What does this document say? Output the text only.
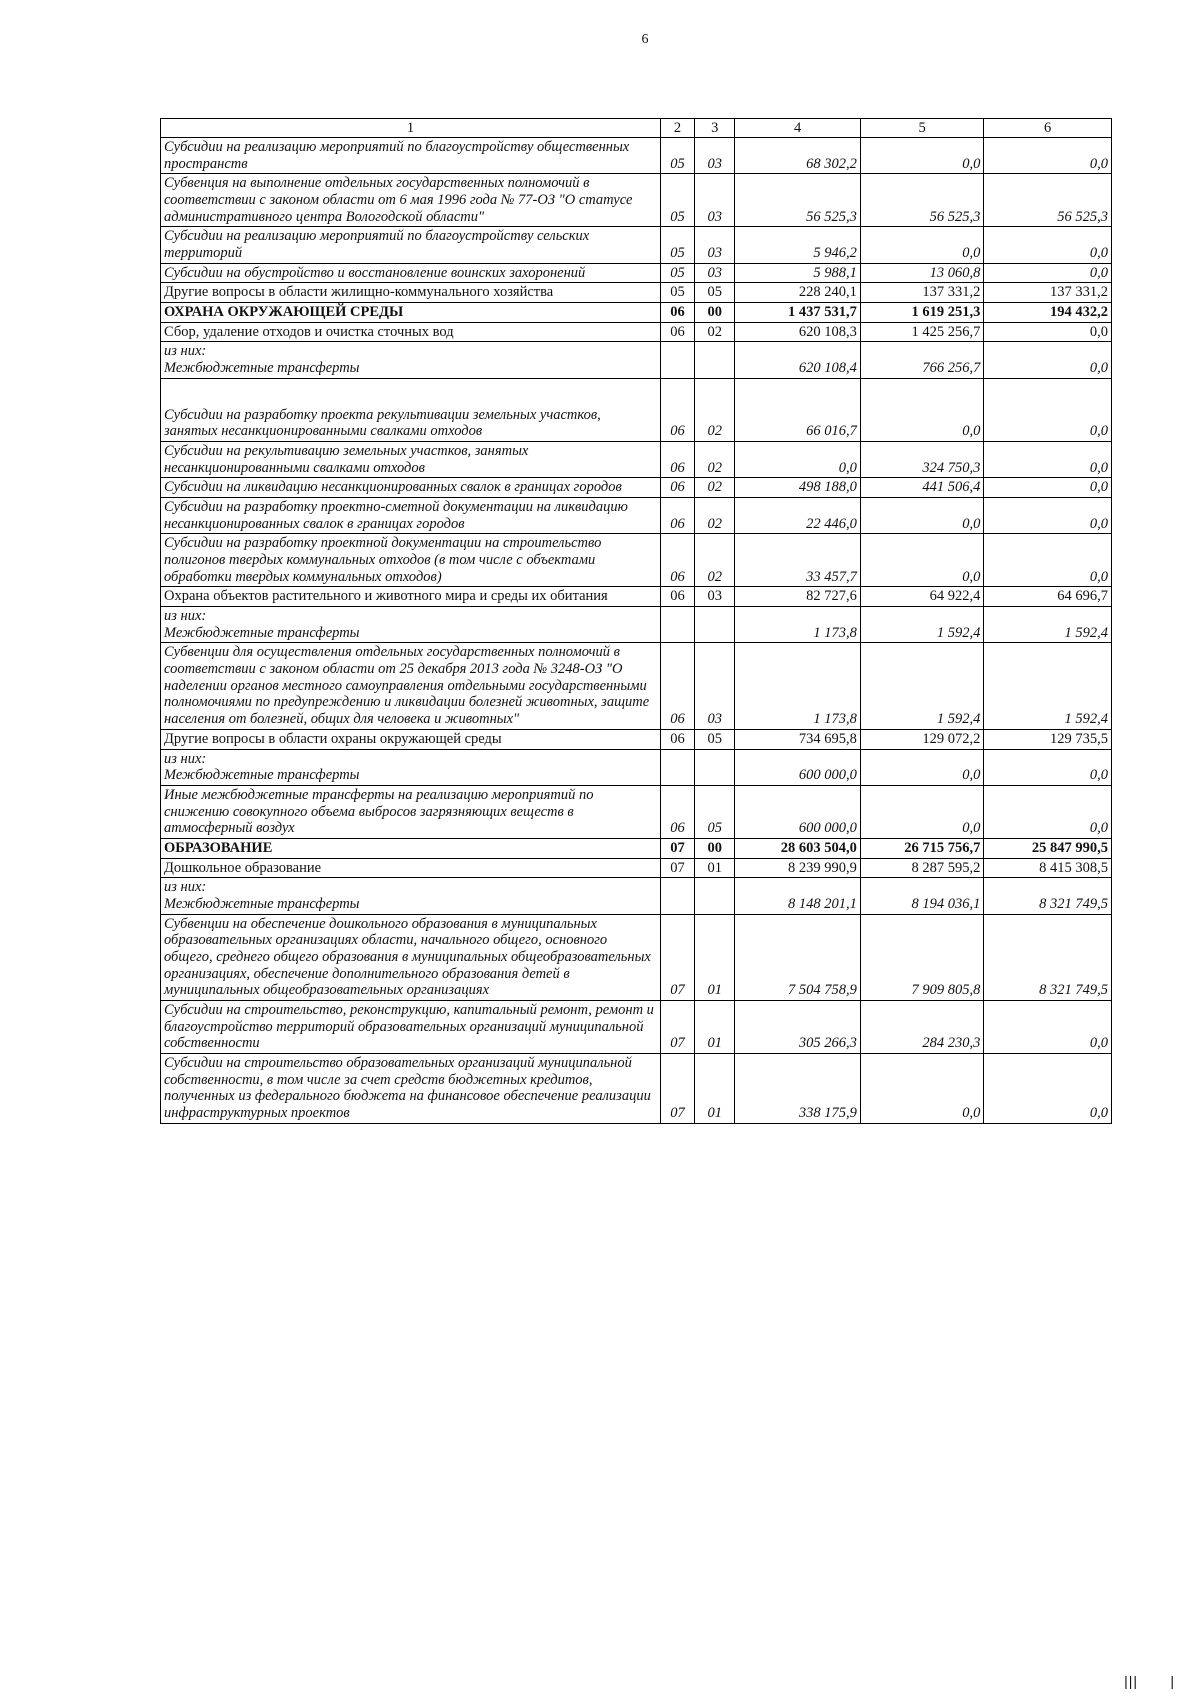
6
1	2	3	4	5	6
Субсидии на реализацию мероприятий по благоустройству общественных пространств	05	03	68 302,2	0,0	0,0
Субвенция на выполнение отдельных государственных полномочий в соответствии с законом области от 6 мая 1996 года № 77-ОЗ "О статусе административного центра Вологодской области"	05	03	56 525,3	56 525,3	56 525,3
Субсидии на реализацию мероприятий по благоустройству сельских территорий	05	03	5 946,2	0,0	0,0
Субсидии на обустройство и восстановление воинских захоронений	05	03	5 988,1	13 060,8	0,0
Другие вопросы в области жилищно-коммунального хозяйства	05	05	228 240,1	137 331,2	137 331,2
ОХРАНА ОКРУЖАЮЩЕЙ СРЕДЫ	06	00	1 437 531,7	1 619 251,3	194 432,2
Сбор, удаление отходов и очистка сточных вод	06	02	620 108,3	1 425 256,7	0,0
из них:
Межбюджетные трансферты			620 108,4	766 256,7	0,0
Субсидии на разработку проекта рекультивации земельных участков, занятых несанкционированными свалками отходов	06	02	66 016,7	0,0	0,0
Субсидии на рекультивацию земельных участков, занятых несанкционированными свалками отходов	06	02	0,0	324 750,3	0,0
Субсидии на ликвидацию несанкционированных свалок в границах городов	06	02	498 188,0	441 506,4	0,0
Субсидии на разработку проектно-сметной документации на ликвидацию несанкционированных свалок в границах городов	06	02	22 446,0	0,0	0,0
Субсидии на разработку проектной документации на строительство полигонов твердых коммунальных отходов (в том числе с объектами обработки твердых коммунальных отходов)	06	02	33 457,7	0,0	0,0
Охрана объектов растительного и животного мира и среды их обитания	06	03	82 727,6	64 922,4	64 696,7
из них:
Межбюджетные трансферты			1 173,8	1 592,4	1 592,4
Субвенции для осуществления отдельных государственных полномочий в соответствии с законом области от 25 декабря 2013 года № 3248-ОЗ "О наделении органов местного самоуправления отдельными государственными полномочиями по предупреждению и ликвидации болезней животных, защите населения от болезней, общих для человека и животных"	06	03	1 173,8	1 592,4	1 592,4
Другие вопросы в области охраны окружающей среды	06	05	734 695,8	129 072,2	129 735,5
из них:
Межбюджетные трансферты			600 000,0	0,0	0,0
Иные межбюджетные трансферты на реализацию мероприятий по снижению совокупного объема выбросов загрязняющих веществ в атмосферный воздух	06	05	600 000,0	0,0	0,0
ОБРАЗОВАНИЕ	07	00	28 603 504,0	26 715 756,7	25 847 990,5
Дошкольное образование	07	01	8 239 990,9	8 287 595,2	8 415 308,5
из них:
Межбюджетные трансферты			8 148 201,1	8 194 036,1	8 321 749,5
Субвенции на обеспечение дошкольного образования в муниципальных образовательных организациях области, начального общего, основного общего, среднего общего образования в муниципальных общеобразовательных организациях, обеспечение дополнительного образования детей в муниципальных общеобразовательных организациях	07	01	7 504 758,9	7 909 805,8	8 321 749,5
Субсидии на строительство, реконструкцию, капитальный ремонт, ремонт и благоустройство территорий образовательных организаций муниципальной собственности	07	01	305 266,3	284 230,3	0,0
Субсидии на строительство образовательных организаций муниципальной собственности, в том числе за счет средств бюджетных кредитов, полученных из федерального бюджета на финансовое обеспечение реализации инфраструктурных проектов	07	01	338 175,9	0,0	0,0
||| |
